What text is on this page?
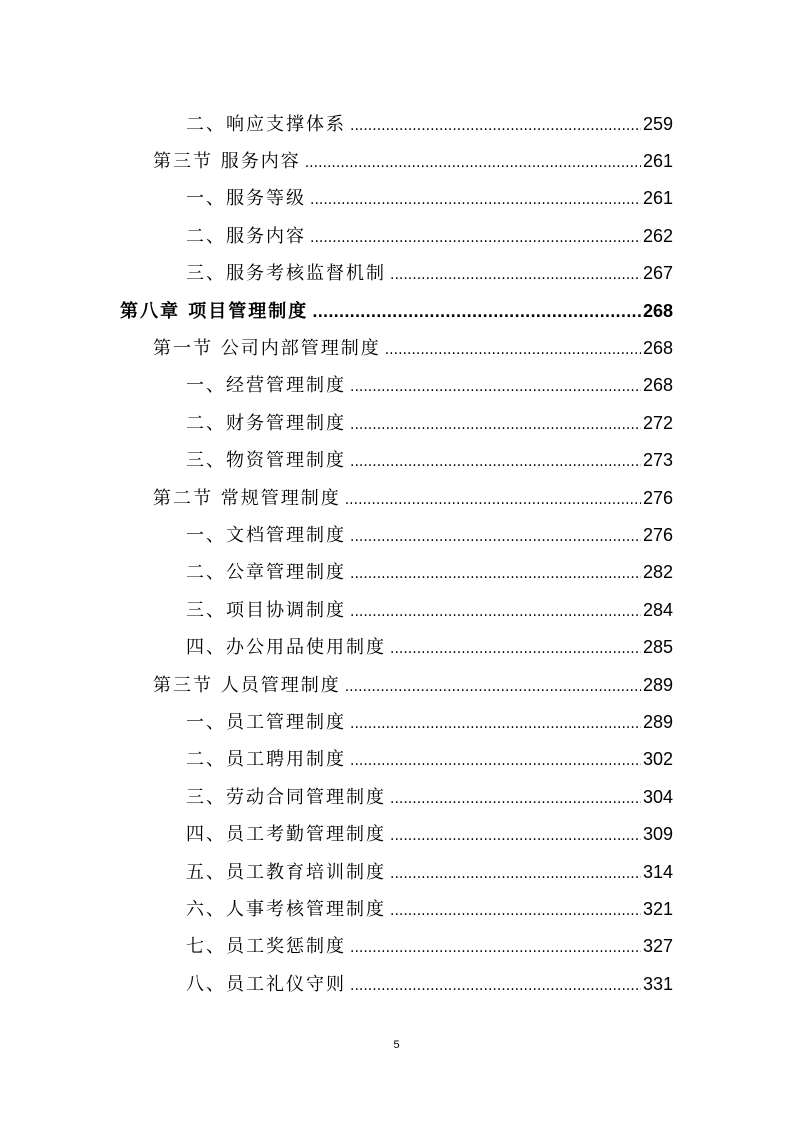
二、响应支撑体系 .....	259
第三节 服务内容 .....	261
一、服务等级 .....	261
二、服务内容 .....	262
三、服务考核监督机制 .....	267
第八章 项目管理制度 .....	268
第一节 公司内部管理制度 .....	268
一、经营管理制度 .....	268
二、财务管理制度 .....	272
三、物资管理制度 .....	273
第二节 常规管理制度 .....	276
一、文档管理制度 .....	276
二、公章管理制度 .....	282
三、项目协调制度 .....	284
四、办公用品使用制度 .....	285
第三节 人员管理制度 .....	289
一、员工管理制度 .....	289
二、员工聘用制度 .....	302
三、劳动合同管理制度 .....	304
四、员工考勤管理制度 .....	309
五、员工教育培训制度 .....	314
六、人事考核管理制度 .....	321
七、员工奖惩制度 .....	327
八、员工礼仪守则 .....	331
5
